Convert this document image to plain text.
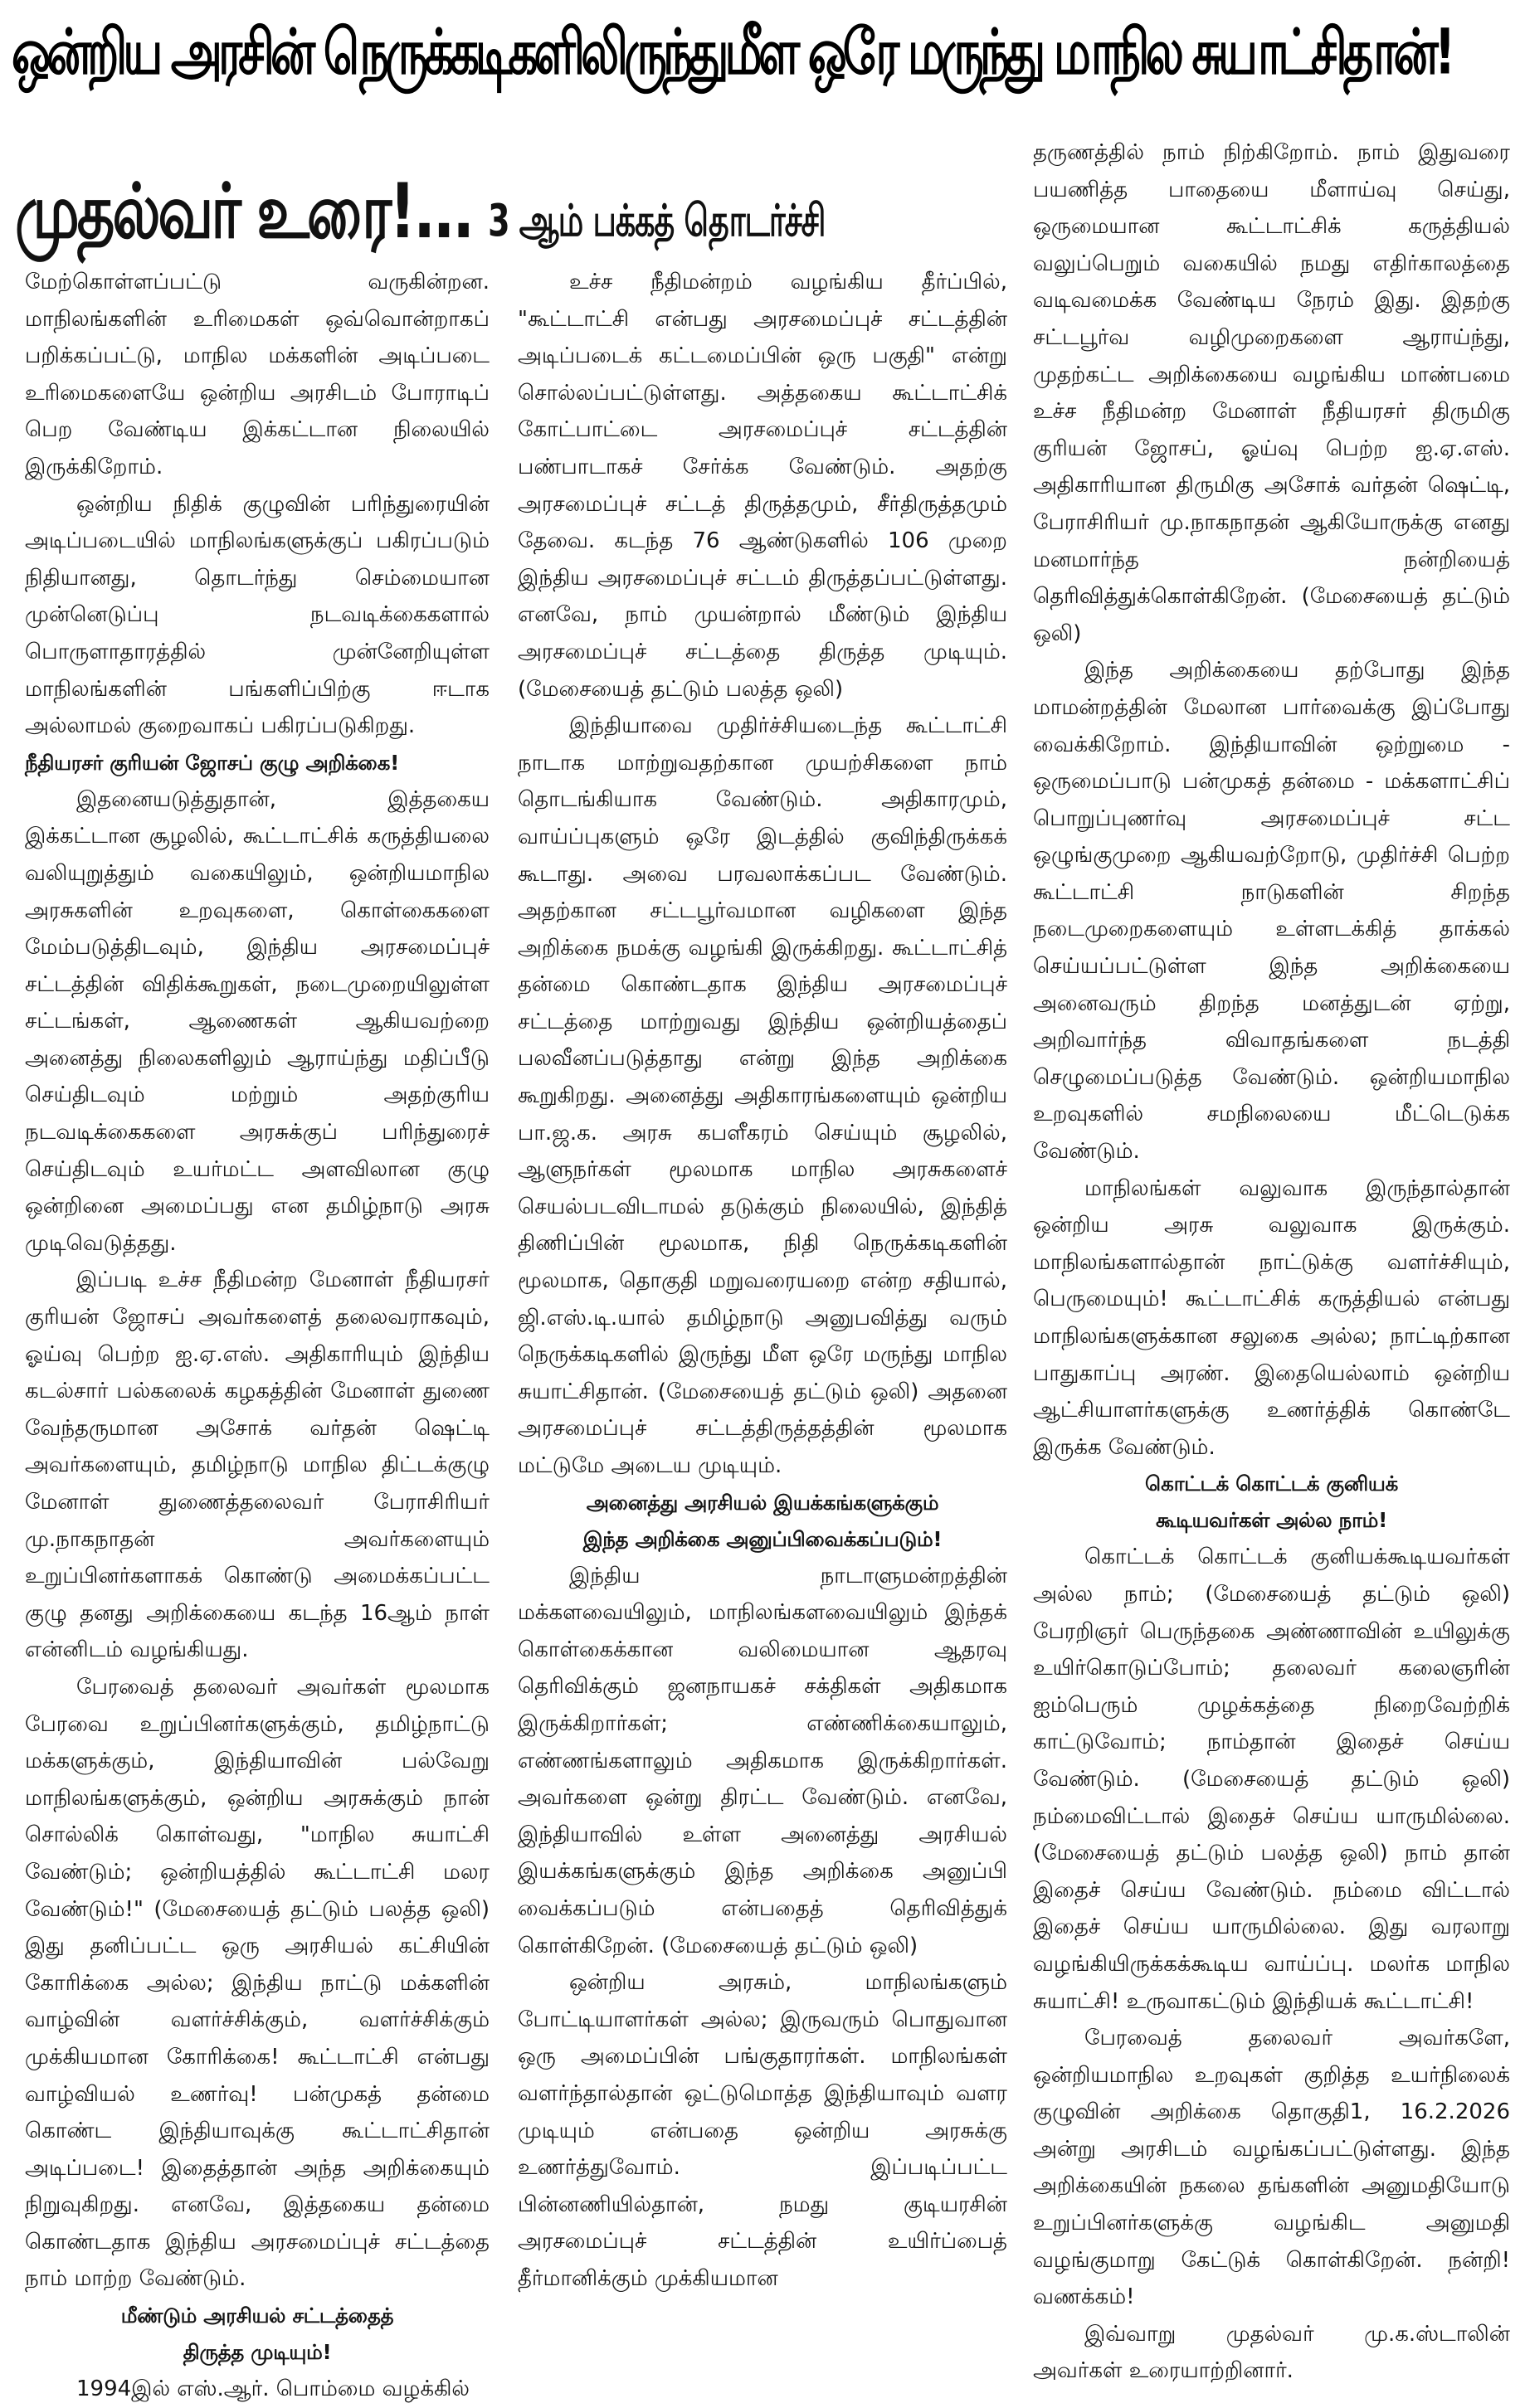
ஒன்றிய அரசின் நெருக்கடிகளிலிருந்துமீள ஒரே மருந்து மாநில சுயாட்சிதான்!
முதல்வர் உரை!... 3 ஆம் பக்கத் தொடர்ச்சி

மேற்கொள்ளப்பட்டு வருகின்றன. மாநிலங்களின் உரிமைகள் ஒவ்வொன்றாகப் பறிக்கப்பட்டு, மாநில மக்களின் அடிப்படை உரிமைகளையே ஒன்றிய அரசிடம் போராடிப் பெற வேண்டிய இக்கட்டான நிலையில் இருக்கிறோம்.

ஒன்றிய நிதிக் குழுவின் பரிந்துரையின் அடிப்படையில் மாநிலங்களுக்குப் பகிரப்படும் நிதியானது, தொடர்ந்து செம்மையான முன்னெடுப்பு நடவடிக்கைகளால் பொருளாதாரத்தில் முன்னேறியுள்ள மாநிலங்களின் பங்களிப்பிற்கு ஈடாக அல்லாமல் குறைவாகப் பகிரப்படுகிறது.

நீதியரசர் குரியன் ஜோசப் குழு அறிக்கை!

இதனையடுத்துதான், இத்தகைய இக்கட்டான சூழலில், கூட்டாட்சிக் கருத்தியலை வலியுறுத்தும் வகையிலும், ஒன்றியமாநில அரசுகளின் உறவுகளை, கொள்கைகளை மேம்படுத்திடவும், இந்திய அரசமைப்புச் சட்டத்தின் விதிக்கூறுகள், நடைமுறையிலுள்ள சட்டங்கள், ஆணைகள் ஆகியவற்றை அனைத்து நிலைகளிலும் ஆராய்ந்து மதிப்பீடு செய்திடவும் மற்றும் அதற்குரிய நடவடிக்கைகளை அரசுக்குப் பரிந்துரைச் செய்திடவும் உயர்மட்ட அளவிலான குழு ஒன்றினை அமைப்பது என தமிழ்நாடு அரசு முடிவெடுத்தது.

இப்படி உச்ச நீதிமன்ற மேனாள் நீதியரசர் குரியன் ஜோசப் அவர்களைத் தலைவராகவும், ஓய்வு பெற்ற ஐ.ஏ.எஸ். அதிகாரியும் இந்திய கடல்சார் பல்கலைக் கழகத்தின் மேனாள் துணை வேந்தருமான அசோக் வர்தன் ஷெட்டி அவர்களையும், தமிழ்நாடு மாநில திட்டக்குழு மேனாள் துணைத்தலைவர் பேராசிரியர் மு.நாகநாதன் அவர்களையும் உறுப்பினர்களாகக் கொண்டு அமைக்கப்பட்ட குழு தனது அறிக்கையை கடந்த 16ஆம் நாள் என்னிடம் வழங்கியது.

பேரவைத் தலைவர் அவர்கள் மூலமாக பேரவை உறுப்பினர்களுக்கும், தமிழ்நாட்டு மக்களுக்கும், இந்தியாவின் பல்வேறு மாநிலங்களுக்கும், ஒன்றிய அரசுக்கும் நான் சொல்லிக் கொள்வது, "மாநில சுயாட்சி வேண்டும்; ஒன்றியத்தில் கூட்டாட்சி மலர வேண்டும்!" (மேசையைத் தட்டும் பலத்த ஒலி) இது தனிப்பட்ட ஒரு அரசியல் கட்சியின் கோரிக்கை அல்ல; இந்திய நாட்டு மக்களின் வாழ்வின் வளர்ச்சிக்கும், வளர்ச்சிக்கும் முக்கியமான கோரிக்கை! கூட்டாட்சி என்பது வாழ்வியல் உணர்வு! பன்முகத் தன்மை கொண்ட இந்தியாவுக்கு கூட்டாட்சிதான் அடிப்படை! இதைத்தான் அந்த அறிக்கையும் நிறுவுகிறது. எனவே, இத்தகைய தன்மை கொண்டதாக இந்திய அரசமைப்புச் சட்டத்தை நாம் மாற்ற வேண்டும்.

மீண்டும் அரசியல் சட்டத்தைத்
திருத்த முடியும்!

1994இல் எஸ்.ஆர். பொம்மை வழக்கில்

உச்ச நீதிமன்றம் வழங்கிய தீர்ப்பில், "கூட்டாட்சி என்பது அரசமைப்புச் சட்டத்தின் அடிப்படைக் கட்டமைப்பின் ஒரு பகுதி" என்று சொல்லப்பட்டுள்ளது. அத்தகைய கூட்டாட்சிக் கோட்பாட்டை அரசமைப்புச் சட்டத்தின் பண்பாடாகச் சேர்க்க வேண்டும். அதற்கு அரசமைப்புச் சட்டத் திருத்தமும், சீர்திருத்தமும் தேவை. கடந்த 76 ஆண்டுகளில் 106 முறை இந்திய அரசமைப்புச் சட்டம் திருத்தப்பட்டுள்ளது. எனவே, நாம் முயன்றால் மீண்டும் இந்திய அரசமைப்புச் சட்டத்தை திருத்த முடியும். (மேசையைத் தட்டும் பலத்த ஒலி)

இந்தியாவை முதிர்ச்சியடைந்த கூட்டாட்சி நாடாக மாற்றுவதற்கான முயற்சிகளை நாம் தொடங்கியாக வேண்டும். அதிகாரமும், வாய்ப்புகளும் ஒரே இடத்தில் குவிந்திருக்கக் கூடாது. அவை பரவலாக்கப்பட வேண்டும். அதற்கான சட்டபூர்வமான வழிகளை இந்த அறிக்கை நமக்கு வழங்கி இருக்கிறது. கூட்டாட்சித் தன்மை கொண்டதாக இந்திய அரசமைப்புச் சட்டத்தை மாற்றுவது இந்திய ஒன்றியத்தைப் பலவீனப்படுத்தாது என்று இந்த அறிக்கை கூறுகிறது. அனைத்து அதிகாரங்களையும் ஒன்றிய பா.ஜ.க. அரசு கபளீகரம் செய்யும் சூழலில், ஆளுநர்கள் மூலமாக மாநில அரசுகளைச் செயல்படவிடாமல் தடுக்கும் நிலையில், இந்தித் திணிப்பின் மூலமாக, நிதி நெருக்கடிகளின் மூலமாக, தொகுதி மறுவரையறை என்ற சதியால், ஜி.எஸ்.டி.யால் தமிழ்நாடு அனுபவித்து வரும் நெருக்கடிகளில் இருந்து மீள ஒரே மருந்து மாநில சுயாட்சிதான். (மேசையைத் தட்டும் ஒலி) அதனை அரசமைப்புச் சட்டத்திருத்தத்தின் மூலமாக மட்டுமே அடைய முடியும்.

அனைத்து அரசியல் இயக்கங்களுக்கும்
இந்த அறிக்கை அனுப்பிவைக்கப்படும்!

இந்திய நாடாளுமன்றத்தின் மக்களவையிலும், மாநிலங்களவையிலும் இந்தக் கொள்கைக்கான வலிமையான ஆதரவு தெரிவிக்கும் ஜனநாயகச் சக்திகள் அதிகமாக இருக்கிறார்கள்; எண்ணிக்கையாலும், எண்ணங்களாலும் அதிகமாக இருக்கிறார்கள். அவர்களை ஒன்று திரட்ட வேண்டும். எனவே, இந்தியாவில் உள்ள அனைத்து அரசியல் இயக்கங்களுக்கும் இந்த அறிக்கை அனுப்பி வைக்கப்படும் என்பதைத் தெரிவித்துக் கொள்கிறேன். (மேசையைத் தட்டும் ஒலி)

ஒன்றிய அரசும், மாநிலங்களும் போட்டியாளர்கள் அல்ல; இருவரும் பொதுவான ஒரு அமைப்பின் பங்குதாரர்கள். மாநிலங்கள் வளர்ந்தால்தான் ஒட்டுமொத்த இந்தியாவும் வளர முடியும் என்பதை ஒன்றிய அரசுக்கு உணர்த்துவோம். இப்படிப்பட்ட பின்னணியில்தான், நமது குடியரசின் அரசமைப்புச் சட்டத்தின் உயிர்ப்பைத் தீர்மானிக்கும் முக்கியமான

தருணத்தில் நாம் நிற்கிறோம். நாம் இதுவரை பயணித்த பாதையை மீளாய்வு செய்து, ஒருமையான கூட்டாட்சிக் கருத்தியல் வலுப்பெறும் வகையில் நமது எதிர்காலத்தை வடிவமைக்க வேண்டிய நேரம் இது. இதற்கு சட்டபூர்வ வழிமுறைகளை ஆராய்ந்து, முதற்கட்ட அறிக்கையை வழங்கிய மாண்பமை உச்ச நீதிமன்ற மேனாள் நீதியரசர் திருமிகு குரியன் ஜோசப், ஓய்வு பெற்ற ஐ.ஏ.எஸ். அதிகாரியான திருமிகு அசோக் வர்தன் ஷெட்டி, பேராசிரியர் மு.நாகநாதன் ஆகியோருக்கு எனது மனமார்ந்த நன்றியைத் தெரிவித்துக்கொள்கிறேன். (மேசையைத் தட்டும் ஒலி)

இந்த அறிக்கையை தற்போது இந்த மாமன்றத்தின் மேலான பார்வைக்கு இப்போது வைக்கிறோம். இந்தியாவின் ஒற்றுமை - ஒருமைப்பாடு பன்முகத் தன்மை - மக்களாட்சிப் பொறுப்புணர்வு அரசமைப்புச் சட்ட ஒழுங்குமுறை ஆகியவற்றோடு, முதிர்ச்சி பெற்ற கூட்டாட்சி நாடுகளின் சிறந்த நடைமுறைகளையும் உள்ளடக்கித் தாக்கல் செய்யப்பட்டுள்ள இந்த அறிக்கையை அனைவரும் திறந்த மனத்துடன் ஏற்று, அறிவார்ந்த விவாதங்களை நடத்தி செழுமைப்படுத்த வேண்டும். ஒன்றியமாநில உறவுகளில் சமநிலையை மீட்டெடுக்க வேண்டும்.

மாநிலங்கள் வலுவாக இருந்தால்தான் ஒன்றிய அரசு வலுவாக இருக்கும். மாநிலங்களால்தான் நாட்டுக்கு வளர்ச்சியும், பெருமையும்! கூட்டாட்சிக் கருத்தியல் என்பது மாநிலங்களுக்கான சலுகை அல்ல; நாட்டிற்கான பாதுகாப்பு அரண். இதையெல்லாம் ஒன்றிய ஆட்சியாளர்களுக்கு உணர்த்திக் கொண்டே இருக்க வேண்டும்.

கொட்டக் கொட்டக் குனியக்
கூடியவர்கள் அல்ல நாம்!

கொட்டக் கொட்டக் குனியக்கூடியவர்கள் அல்ல நாம்; (மேசையைத் தட்டும் ஒலி) பேரறிஞர் பெருந்தகை அண்ணாவின் உயிலுக்கு உயிர்கொடுப்போம்; தலைவர் கலைஞரின் ஐம்பெரும் முழக்கத்தை நிறைவேற்றிக் காட்டுவோம்; நாம்தான் இதைச் செய்ய வேண்டும். (மேசையைத் தட்டும் ஒலி) நம்மைவிட்டால் இதைச் செய்ய யாருமில்லை. (மேசையைத் தட்டும் பலத்த ஒலி) நாம் தான் இதைச் செய்ய வேண்டும். நம்மை விட்டால் இதைச் செய்ய யாருமில்லை. இது வரலாறு வழங்கியிருக்கக்கூடிய வாய்ப்பு. மலர்க மாநில சுயாட்சி! உருவாகட்டும் இந்தியக் கூட்டாட்சி!

பேரவைத் தலைவர் அவர்களே, ஒன்றியமாநில உறவுகள் குறித்த உயர்நிலைக் குழுவின் அறிக்கை தொகுதி1, 16.2.2026 அன்று அரசிடம் வழங்கப்பட்டுள்ளது. இந்த அறிக்கையின் நகலை தங்களின் அனுமதியோடு உறுப்பினர்களுக்கு வழங்கிட அனுமதி வழங்குமாறு கேட்டுக் கொள்கிறேன். நன்றி! வணக்கம்!

இவ்வாறு முதல்வர் மு.க.ஸ்டாலின் அவர்கள் உரையாற்றினார்.
